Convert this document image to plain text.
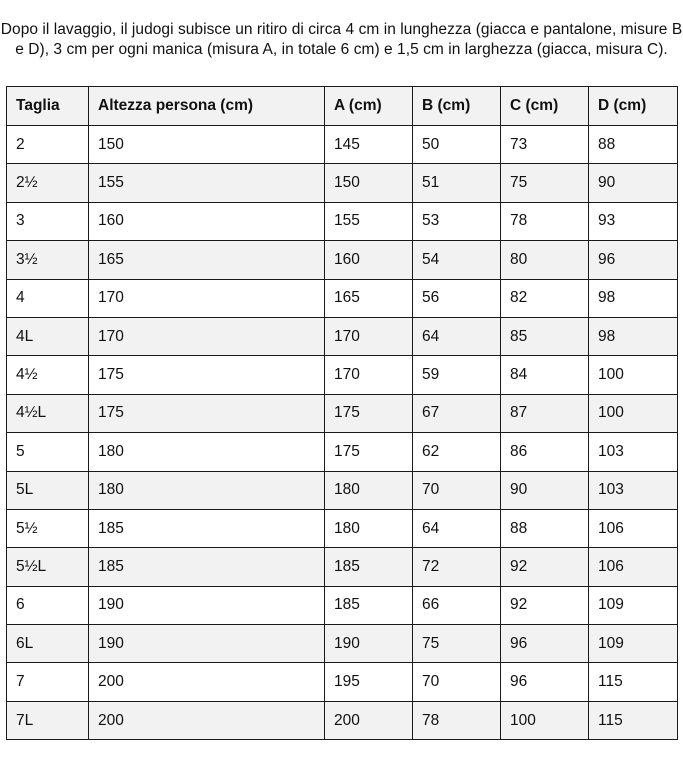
Dopo il lavaggio, il judogi subisce un ritiro di circa 4 cm in lunghezza (giacca e pantalone, misure B e D), 3 cm per ogni manica (misura A, in totale 6 cm) e 1,5 cm in larghezza (giacca, misura C).

Taglia	Altezza persona (cm)	A (cm)	B (cm)	C (cm)	D (cm)
2	150	145	50	73	88
2½	155	150	51	75	90
3	160	155	53	78	93
3½	165	160	54	80	96
4	170	165	56	82	98
4L	170	170	64	85	98
4½	175	170	59	84	100
4½L	175	175	67	87	100
5	180	175	62	86	103
5L	180	180	70	90	103
5½	185	180	64	88	106
5½L	185	185	72	92	106
6	190	185	66	92	109
6L	190	190	75	96	109
7	200	195	70	96	115
7L	200	200	78	100	115
